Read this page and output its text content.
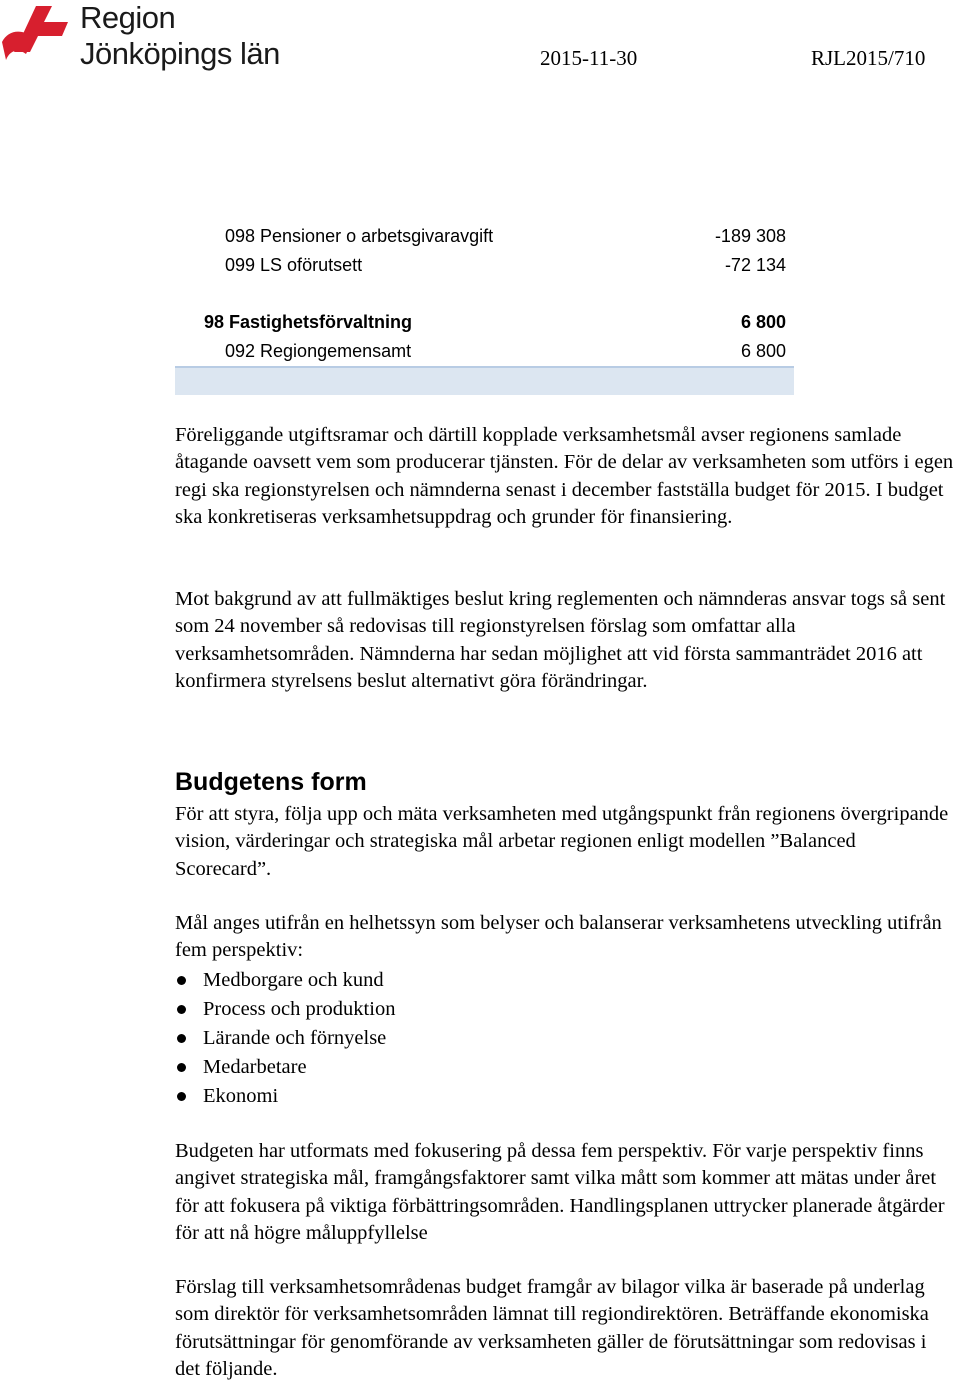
Region
Jönköpings län	2015-11-30	RJL2015/710
098 Pensioner o arbetsgivaravgift	-189 308
099 LS oförutsett	-72 134
98 Fastighetsförvaltning	6 800
092 Regiongemensamt	6 800

Föreliggande utgiftsramar och därtill kopplade verksamhetsmål avser regionens samlade åtagande oavsett vem som producerar tjänsten. För de delar av verksamheten som utförs i egen regi ska regionstyrelsen och nämnderna senast i december fastställa budget för 2015. I budget ska konkretiseras verksamhetsuppdrag och grunder för finansiering.

Mot bakgrund av att fullmäktiges beslut kring reglementen och nämnderas ansvar togs så sent som 24 november så redovisas till regionstyrelsen förslag som omfattar alla verksamhetsområden. Nämnderna har sedan möjlighet att vid första sammanträdet 2016 att konfirmera styrelsens beslut alternativt göra förändringar.

Budgetens form

För att styra, följa upp och mäta verksamheten med utgångspunkt från regionens övergripande vision, värderingar och strategiska mål arbetar regionen enligt modellen ”Balanced Scorecard”.

Mål anges utifrån en helhetssyn som belyser och balanserar verksamhetens utveckling utifrån fem perspektiv:

Medborgare och kund
Process och produktion
Lärande och förnyelse
Medarbetare
Ekonomi

Budgeten har utformats med fokusering på dessa fem perspektiv. För varje perspektiv finns angivet strategiska mål, framgångsfaktorer samt vilka mått som kommer att mätas under året för att fokusera på viktiga förbättringsområden. Handlingsplanen uttrycker planerade åtgärder för att nå högre måluppfyllelse

Förslag till verksamhetsområdenas budget framgår av bilagor vilka är baserade på underlag som direktör för verksamhetsområden lämnat till regiondirektören. Beträffande ekonomiska förutsättningar för genomförande av verksamheten gäller de förutsättningar som redovisas i det följande.
